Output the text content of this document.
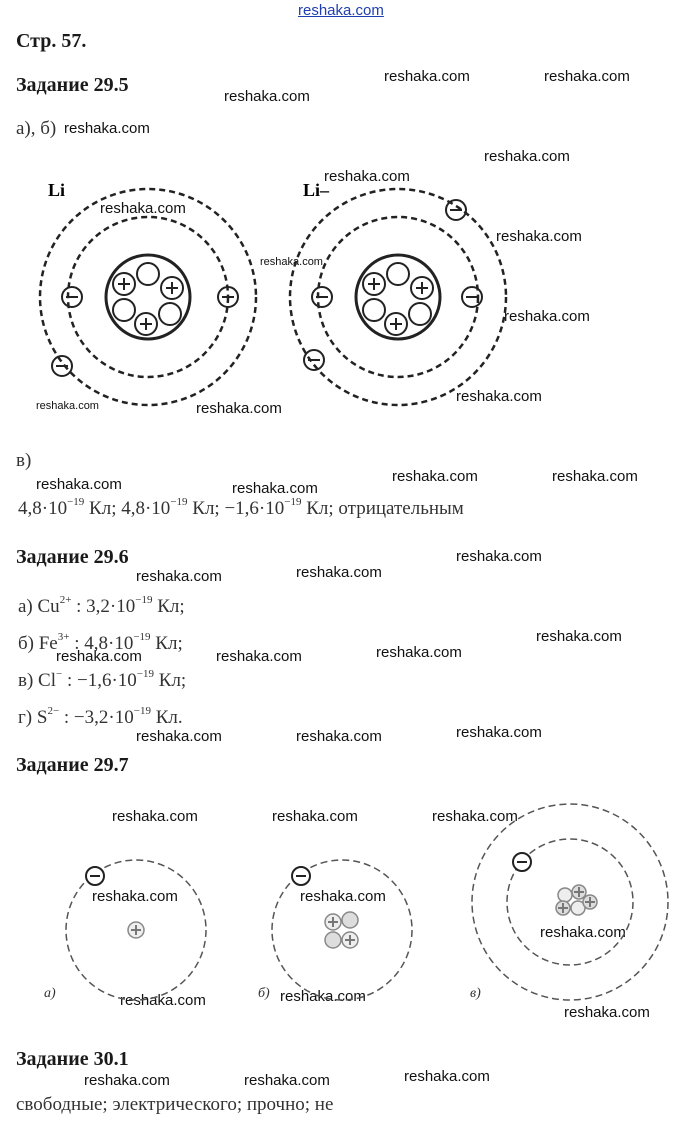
reshaka.com
reshaka.com	reshaka.com
reshaka.com
reshaka.com
reshaka.com
reshaka.com
reshaka.com
reshaka.com
reshaka.com
reshaka.com
reshaka.com	reshaka.com
reshaka.com	reshaka.com
reshaka.com	reshaka.com
reshaka.com
reshaka.com
reshaka.com
reshaka.com
reshaka.com
reshaka.com	reshaka.com
reshaka.com
reshaka.com	reshaka.com
reshaka.com	reshaka.com	reshaka.com
reshaka.com	reshaka.com
reshaka.com
reshaka.com	reshaka.com
reshaka.com
reshaka.com	reshaka.com	reshaka.com
Стр. 57.
Задание 29.5
а), б) reshaka.com
Li	Li–
в)
$4,8\cdot 10^{-19}$ Кл; $4,8\cdot 10^{-19}$ Кл; $-1,6\cdot 10^{-19}$ Кл; отрицательным
Задание 29.6
а) $Cu^{2+}$ : $3,2\cdot 10^{-19}$ Кл;
б) $Fe^{3+}$ : $4,8\cdot 10^{-19}$ Кл;
в) Cl− : $-1,6\cdot 10^{-19}$ Кл;
г) $S^{2-}$ : $-3,2\cdot 10^{-19}$ Кл.
Задание 29.7
а)	б)	в)
Задание 30.1
свободные; электрического; прочно; не
